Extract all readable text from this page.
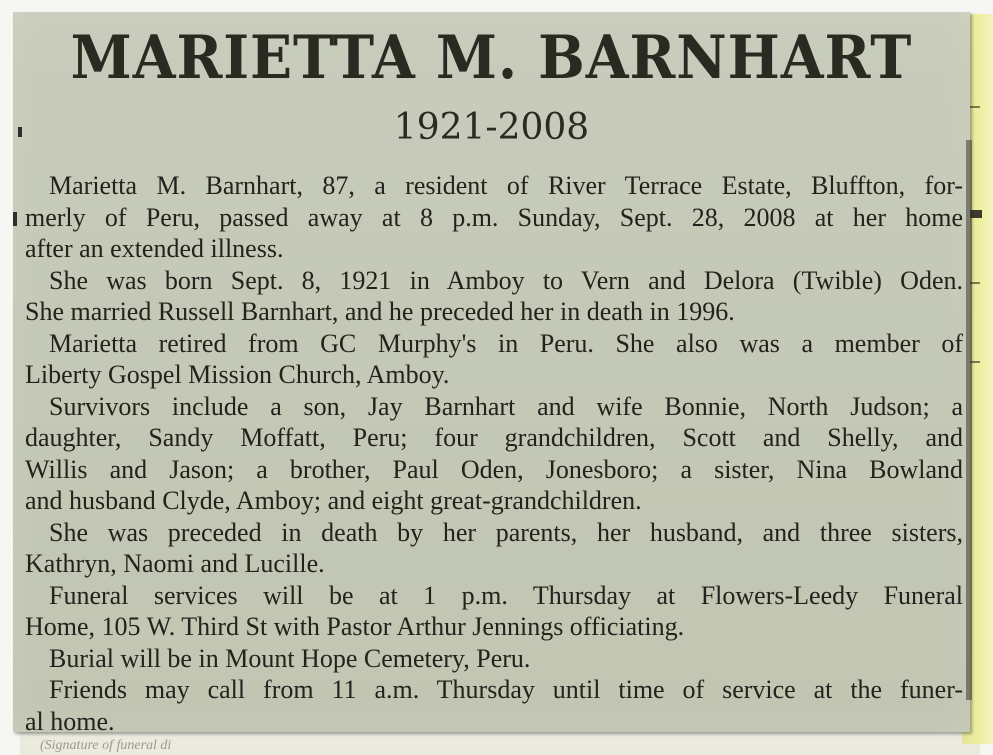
(Signature of funeral di
MARIETTA M. BARNHART
1921-2008
Marietta M. Barnhart, 87, a resident of River Terrace Estate, Bluffton, for-
merly of Peru, passed away at 8 p.m. Sunday, Sept. 28, 2008 at her home
after an extended illness.
She was born Sept. 8, 1921 in Amboy to Vern and Delora (Twible) Oden.
She married Russell Barnhart, and he preceded her in death in 1996.
Marietta retired from GC Murphy's in Peru. She also was a member of
Liberty Gospel Mission Church, Amboy.
Survivors include a son, Jay Barnhart and wife Bonnie, North Judson; a
daughter, Sandy Moffatt, Peru; four grandchildren, Scott and Shelly, and
Willis and Jason; a brother, Paul Oden, Jonesboro; a sister, Nina Bowland
and husband Clyde, Amboy; and eight great-grandchildren.
She was preceded in death by her parents, her husband, and three sisters,
Kathryn, Naomi and Lucille.
Funeral services will be at 1 p.m. Thursday at Flowers-Leedy Funeral
Home, 105 W. Third St with Pastor Arthur Jennings officiating.
Burial will be in Mount Hope Cemetery, Peru.
Friends may call from 11 a.m. Thursday until time of service at the funer-
al home.
